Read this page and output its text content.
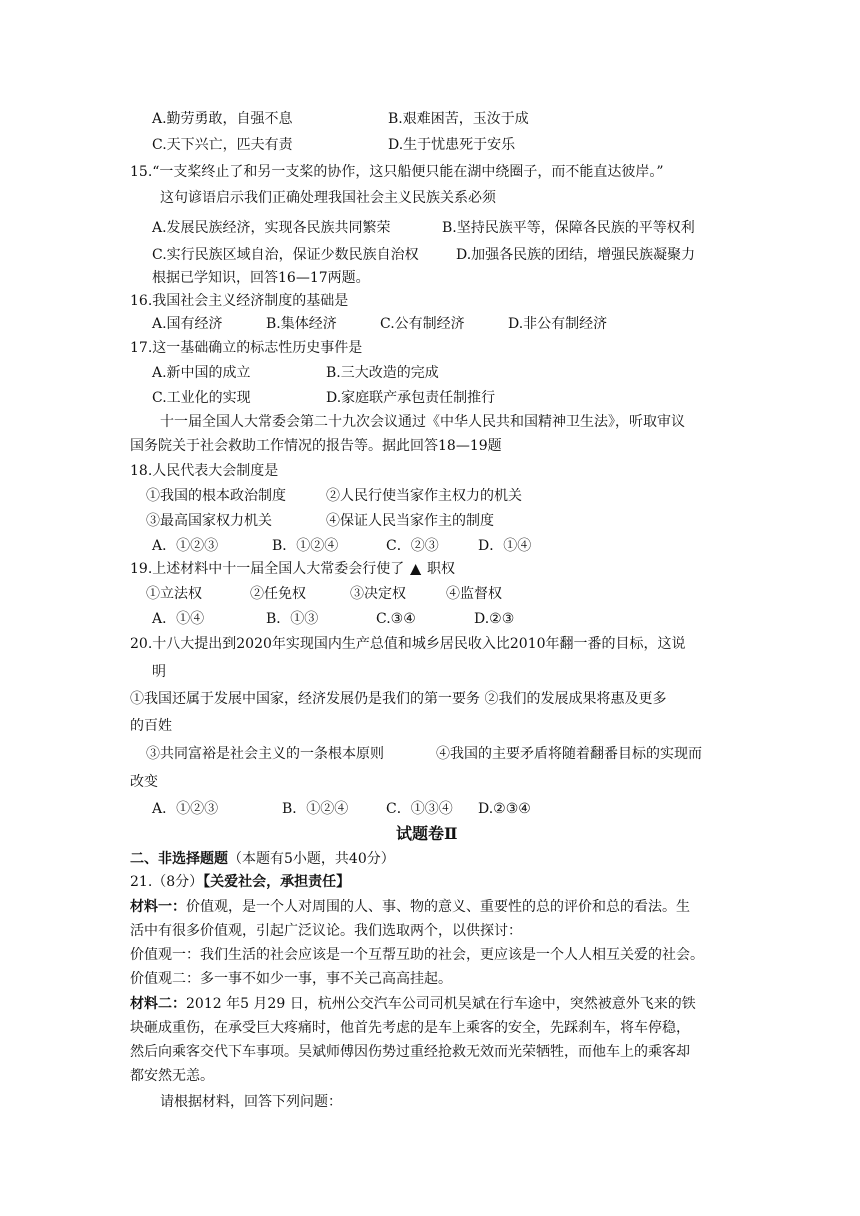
A.勤劳勇敢，自强不息	B.艰难困苦，玉汝于成
C.天下兴亡，匹夫有责	D.生于忧患死于安乐
15.“一支桨终止了和另一支桨的协作，这只船便只能在湖中绕圈子，而不能直达彼岸。”
这句谚语启示我们正确处理我国社会主义民族关系必须
A.发展民族经济，实现各民族共同繁荣	B.坚持民族平等，保障各民族的平等权利
C.实行民族区域自治，保证少数民族自治权	D.加强各民族的团结，增强民族凝聚力
根据已学知识，回答16—17两题。
16.我国社会主义经济制度的基础是
A.国有经济	B.集体经济	C.公有制经济	D.非公有制经济
17.这一基础确立的标志性历史事件是
A.新中国的成立	B.三大改造的完成
C.工业化的实现	D.家庭联产承包责任制推行
十一届全国人大常委会第二十九次会议通过《中华人民共和国精神卫生法》，听取审议
国务院关于社会救助工作情况的报告等。据此回答18—19题
18.人民代表大会制度是
①我国的根本政治制度	②人民行使当家作主权力的机关
③最高国家权力机关	④保证人民当家作主的制度
A．①②③	B．①②④	C．②③	D．①④
19.上述材料中十一届全国人大常委会行使了 ▲ 职权
①立法权	②任免权	③决定权	④监督权
A．①④	B．①③	C.③④	D.②③
20.十八大提出到2020年实现国内生产总值和城乡居民收入比2010年翻一番的目标，这说
明
①我国还属于发展中国家，经济发展仍是我们的第一要务 ②我们的发展成果将惠及更多
的百姓
③共同富裕是社会主义的一条根本原则	④我国的主要矛盾将随着翻番目标的实现而
改变
A．①②③	B．①②④	C．①③④ D.②③④
试题卷Ⅱ
二、非选择题题（本题有5小题，共40分）
21.（8分）【关爱社会，承担责任】
材料一：价值观，是一个人对周围的人、事、物的意义、重要性的总的评价和总的看法。生
活中有很多价值观，引起广泛议论。我们选取两个，以供探讨：
价值观一：我们生活的社会应该是一个互帮互助的社会，更应该是一个人人相互关爱的社会。
价值观二：多一事不如少一事，事不关己高高挂起。
材料二：2012 年5 月29 日，杭州公交汽车公司司机吴斌在行车途中，突然被意外飞来的铁
块砸成重伤，在承受巨大疼痛时，他首先考虑的是车上乘客的安全，先踩刹车，将车停稳，
然后向乘客交代下车事项。吴斌师傅因伤势过重经抢救无效而光荣牺牲，而他车上的乘客却
都安然无恙。
请根据材料，回答下列问题：
